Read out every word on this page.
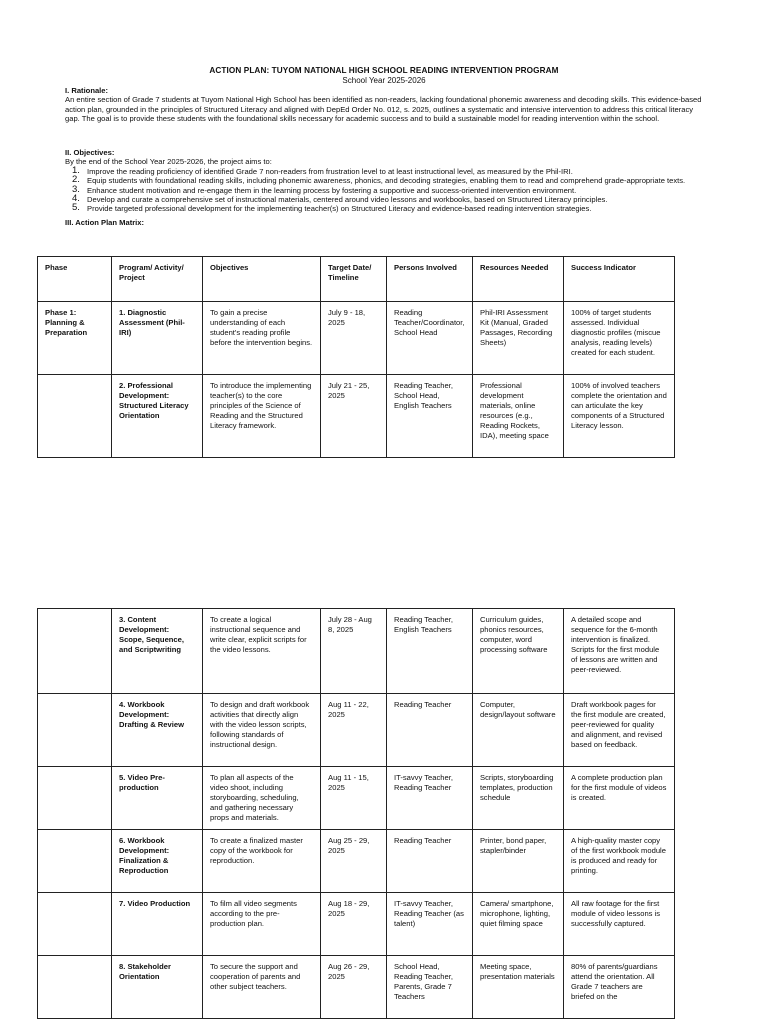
ACTION PLAN: TUYOM NATIONAL HIGH SCHOOL READING INTERVENTION PROGRAM
School Year 2025-2026
I. Rationale:

An entire section of Grade 7 students at Tuyom National High School has been identified as non-readers, lacking foundational phonemic awareness and decoding skills. This evidence-based action plan, grounded in the principles of Structured Literacy and aligned with DepEd Order No. 012, s. 2025, outlines a systematic and intensive intervention to address this critical literacy gap. The goal is to provide these students with the foundational skills necessary for academic success and to build a sustainable model for reading intervention within the school.

II. Objectives:

By the end of the School Year 2025-2026, the project aims to:

1. Improve the reading proficiency of identified Grade 7 non-readers from frustration level to at least instructional level, as measured by the Phil-IRI.
2. Equip students with foundational reading skills, including phonemic awareness, phonics, and decoding strategies, enabling them to read and comprehend grade-appropriate texts.
3. Enhance student motivation and re-engage them in the learning process by fostering a supportive and success-oriented intervention environment.
4. Develop and curate a comprehensive set of instructional materials, centered around video lessons and workbooks, based on Structured Literacy principles.
5. Provide targeted professional development for the implementing teacher(s) on Structured Literacy and evidence-based reading intervention strategies.
III. Action Plan Matrix:
Phase	Program/ Activity/ Project	Objectives	Target Date/ Timeline	Persons Involved	Resources Needed	Success Indicator
Phase 1: Planning & Preparation	1. Diagnostic Assessment (Phil-IRI)	To gain a precise understanding of each student's reading profile before the intervention begins.	July 9 - 18, 2025	Reading Teacher/Coordinator, School Head	Phil-IRI Assessment Kit (Manual, Graded Passages, Recording Sheets)	100% of target students assessed. Individual diagnostic profiles (miscue analysis, reading levels) created for each student.
	2. Professional Development: Structured Literacy Orientation	To introduce the implementing teacher(s) to the core principles of the Science of Reading and the Structured Literacy framework.	July 21 - 25, 2025	Reading Teacher, School Head, English Teachers	Professional development materials, online resources (e.g., Reading Rockets, IDA), meeting space	100% of involved teachers complete the orientation and can articulate the key components of a Structured Literacy lesson.
	3. Content Development: Scope, Sequence, and Scriptwriting	To create a logical instructional sequence and write clear, explicit scripts for the video lessons.	July 28 - Aug 8, 2025	Reading Teacher, English Teachers	Curriculum guides, phonics resources, computer, word processing software	A detailed scope and sequence for the 6-month intervention is finalized. Scripts for the first module of lessons are written and peer-reviewed.
	4. Workbook Development: Drafting & Review	To design and draft workbook activities that directly align with the video lesson scripts, following standards of instructional design.	Aug 11 - 22, 2025	Reading Teacher	Computer, design/layout software	Draft workbook pages for the first module are created, peer-reviewed for quality and alignment, and revised based on feedback.
	5. Video Pre-production	To plan all aspects of the video shoot, including storyboarding, scheduling, and gathering necessary props and materials.	Aug 11 - 15, 2025	IT-savvy Teacher, Reading Teacher	Scripts, storyboarding templates, production schedule	A complete production plan for the first module of videos is created.
	6. Workbook Development: Finalization & Reproduction	To create a finalized master copy of the workbook for reproduction.	Aug 25 - 29, 2025	Reading Teacher	Printer, bond paper, stapler/binder	A high-quality master copy of the first workbook module is produced and ready for printing.
	7. Video Production	To film all video segments according to the pre-production plan.	Aug 18 - 29, 2025	IT-savvy Teacher, Reading Teacher (as talent)	Camera/ smartphone, microphone, lighting, quiet filming space	All raw footage for the first module of video lessons is successfully captured.
	8. Stakeholder Orientation	To secure the support and cooperation of parents and other subject teachers.	Aug 26 - 29, 2025	School Head, Reading Teacher, Parents, Grade 7 Teachers	Meeting space, presentation materials	80% of parents/guardians attend the orientation. All Grade 7 teachers are briefed on the
